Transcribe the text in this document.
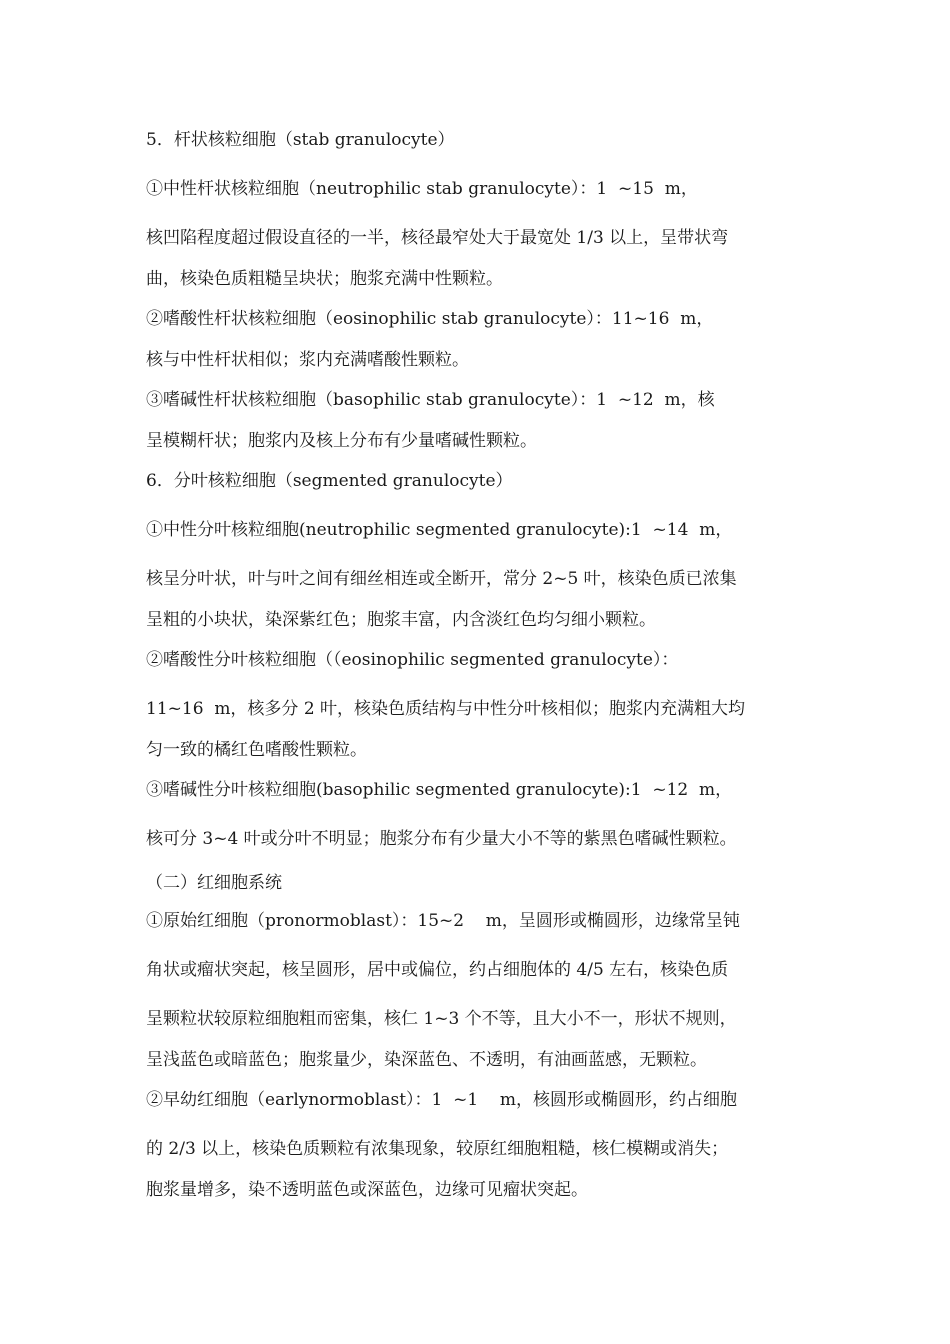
5．杆状核粒细胞（stab granulocyte）
①中性杆状核粒细胞（neutrophilic stab granulocyte）：1  ~15  m，
核凹陷程度超过假设直径的一半，核径最窄处大于最宽处 1/3 以上，呈带状弯
曲，核染色质粗糙呈块状；胞浆充满中性颗粒。
②嗜酸性杆状核粒细胞（eosinophilic stab granulocyte）：11~16  m，
核与中性杆状相似；浆内充满嗜酸性颗粒。
③嗜碱性杆状核粒细胞（basophilic stab granulocyte）：1  ~12  m，核
呈模糊杆状；胞浆内及核上分布有少量嗜碱性颗粒。
6．分叶核粒细胞（segmented granulocyte）
①中性分叶核粒细胞(neutrophilic segmented granulocyte):1  ~14  m，
核呈分叶状，叶与叶之间有细丝相连或全断开，常分 2~5 叶，核染色质已浓集
呈粗的小块状，染深紫红色；胞浆丰富，内含淡红色均匀细小颗粒。
②嗜酸性分叶核粒细胞（（eosinophilic segmented granulocyte）：
11~16  m，核多分 2 叶，核染色质结构与中性分叶核相似；胞浆内充满粗大均
匀一致的橘红色嗜酸性颗粒。
③嗜碱性分叶核粒细胞(basophilic segmented granulocyte):1  ~12  m，
核可分 3~4 叶或分叶不明显；胞浆分布有少量大小不等的紫黑色嗜碱性颗粒。
（二）红细胞系统
①原始红细胞（pronormoblast）：15~2    m，呈圆形或椭圆形，边缘常呈钝
角状或瘤状突起，核呈圆形，居中或偏位，约占细胞体的 4/5 左右，核染色质
呈颗粒状较原粒细胞粗而密集，核仁 1~3 个不等，且大小不一，形状不规则，
呈浅蓝色或暗蓝色；胞浆量少，染深蓝色、不透明，有油画蓝感，无颗粒。
②早幼红细胞（earlynormoblast）：1  ~1    m，核圆形或椭圆形，约占细胞
的 2/3 以上，核染色质颗粒有浓集现象，较原红细胞粗糙，核仁模糊或消失；
胞浆量增多，染不透明蓝色或深蓝色，边缘可见瘤状突起。
